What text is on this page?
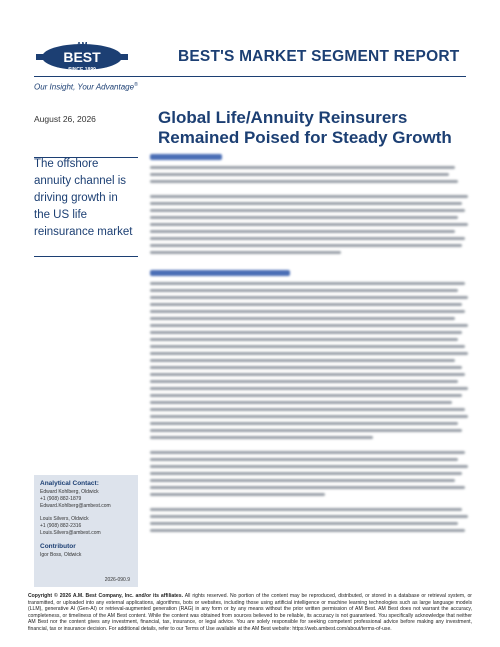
AM
BEST
SINCE 1899
BEST'S MARKET SEGMENT REPORT
Our Insight, Your Advantage®
August 26, 2026	Global Life/Annuity Reinsurers Remained Poised for Steady Growth
The offshore annuity channel is driving growth in the US life reinsurance market
Analytical Contact:
Edward Kohlberg, Oldwick
+1 (908) 882-1879
Edward.Kohlberg@ambest.com
Louis Silvers, Oldwick
+1 (908) 882-2316
Louis.Silvers@ambest.com
Contributor
Igor Boss, Oldwick
2026-090.9
Copyright © 2026 A.M. Best Company, Inc. and/or its affiliates. All rights reserved. No portion of the content may be reproduced, distributed, or stored in a database or retrieval system, or transmitted, or uploaded into any external applications, algorithms, bots or websites, including those using artificial intelligence or machine learning technologies such as large language models (LLM), generative AI (Gen-AI) or retrieval-augmented generation (RAG) in any form or by any means without the prior written permission of AM Best. AM Best does not warrant the accuracy, completeness, or timeliness of the AM Best content. While the content was obtained from sources believed to be reliable, its accuracy is not guaranteed. You specifically acknowledge that neither AM Best nor the content gives any investment, financial, tax, insurance, or legal advice. You are solely responsible for seeking competent professional advice before making any investment, financial, tax or insurance decision. For additional details, refer to our Terms of Use available at the AM Best website: https://web.ambest.com/about/terms-of-use.
